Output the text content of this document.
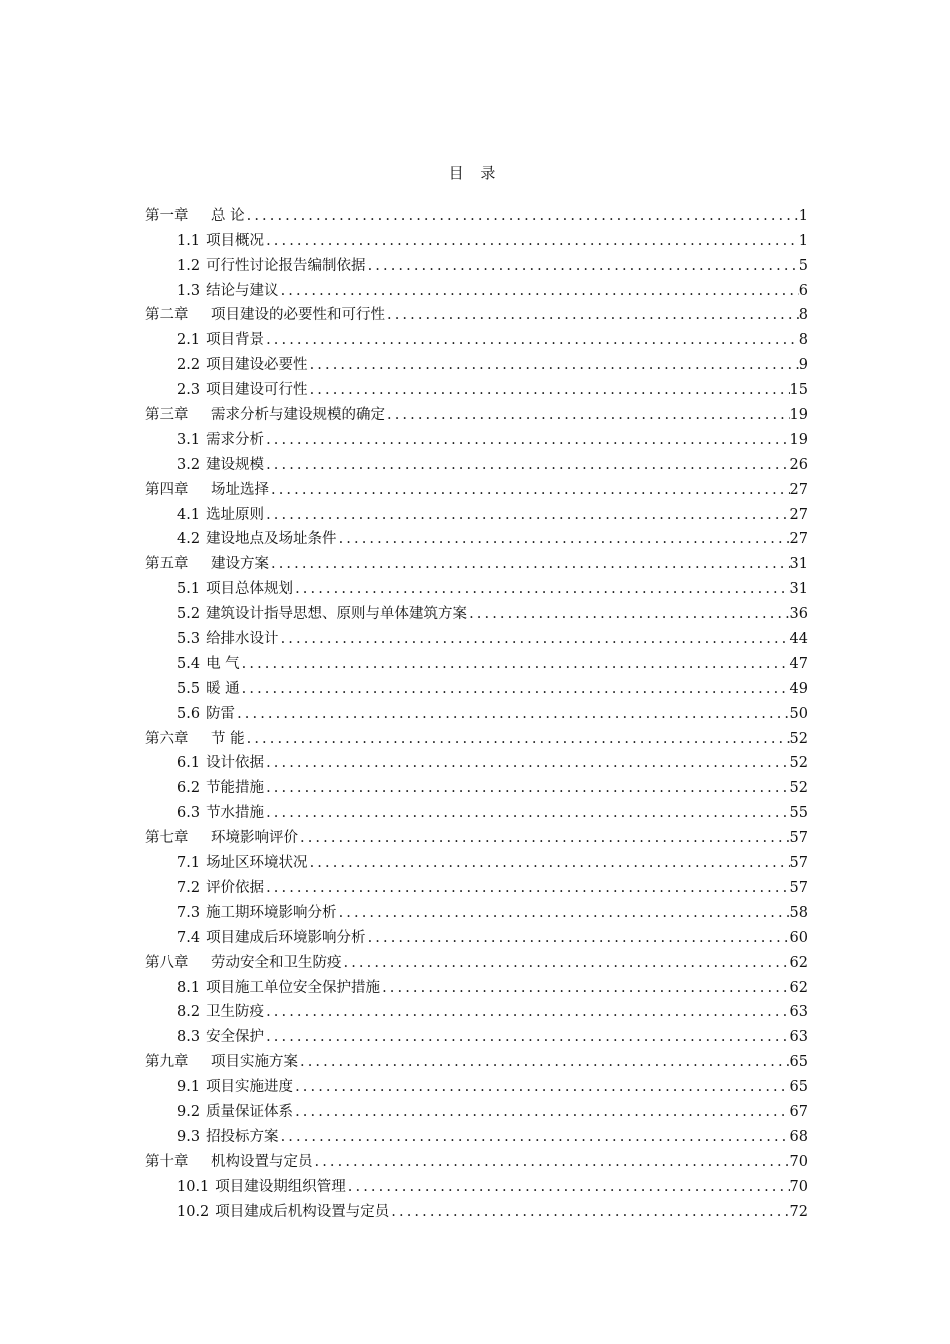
目 录
第一章	总 论 .....	1
1.1 项目概况 .....	1
1.2 可行性讨论报告编制依据 .....	5
1.3 结论与建议 .....	6
第二章	项目建设的必要性和可行性 .....	8
2.1 项目背景 .....	8
2.2 项目建设必要性 .....	9
2.3 项目建设可行性 .....	15
第三章	需求分析与建设规模的确定 .....	19
3.1 需求分析 .....	19
3.2 建设规模 .....	26
第四章	场址选择 .....	27
4.1 选址原则 .....	27
4.2 建设地点及场址条件 .....	27
第五章	建设方案 .....	31
5.1 项目总体规划 .....	31
5.2 建筑设计指导思想、原则与单体建筑方案 .....	36
5.3 给排水设计 .....	44
5.4 电 气 .....	47
5.5 暖 通 .....	49
5.6 防雷 .....	50
第六章	节 能 .....	52
6.1 设计依据 .....	52
6.2 节能措施 .....	52
6.3 节水措施 .....	55
第七章	环境影响评价 .....	57
7.1 场址区环境状况 .....	57
7.2 评价依据 .....	57
7.3 施工期环境影响分析 .....	58
7.4 项目建成后环境影响分析 .....	60
第八章	劳动安全和卫生防疫 .....	62
8.1 项目施工单位安全保护措施 .....	62
8.2 卫生防疫 .....	63
8.3 安全保护 .....	63
第九章	项目实施方案 .....	65
9.1 项目实施进度 .....	65
9.2 质量保证体系 .....	67
9.3 招投标方案 .....	68
第十章	机构设置与定员 .....	70
10.1 项目建设期组织管理 .....	70
10.2 项目建成后机构设置与定员 .....	72
